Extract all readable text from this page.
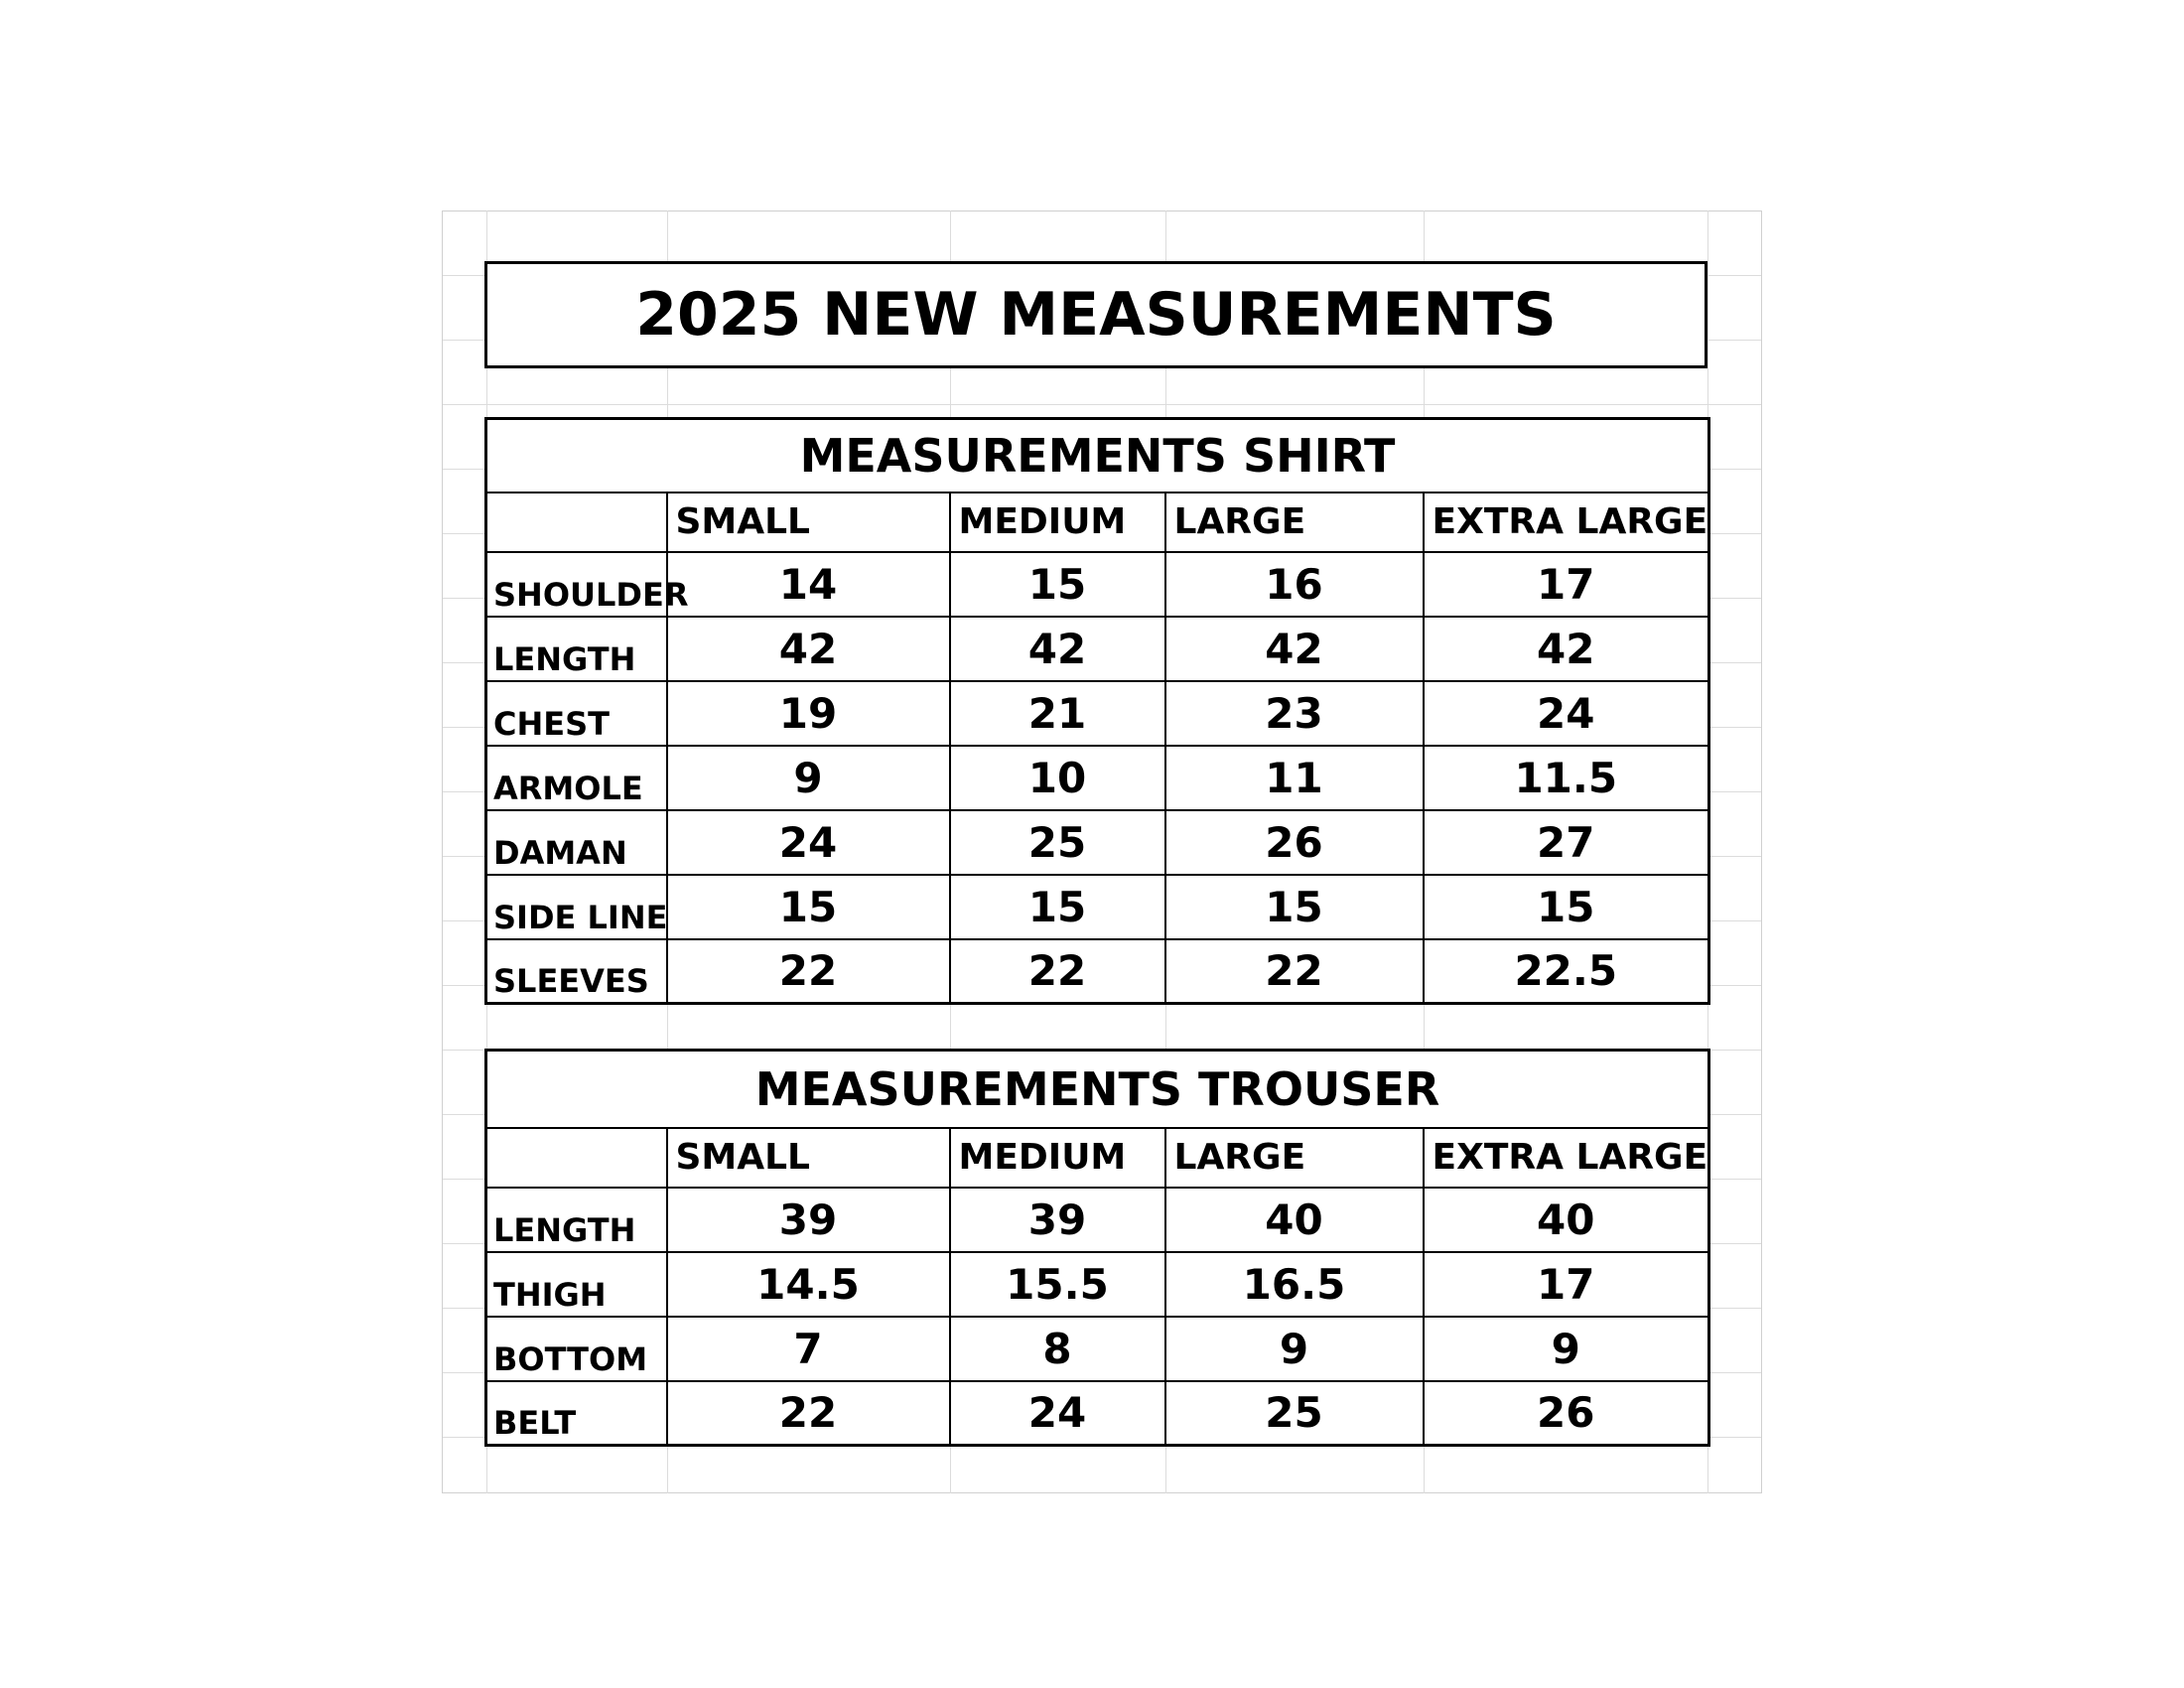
2025 NEW MEASUREMENTS
MEASUREMENTS SHIRT				
	SMALL	MEDIUM	LARGE	EXTRA LARGE
SHOULDER	14	15	16	17
LENGTH	42	42	42	42
CHEST	19	21	23	24
ARMOLE	9	10	11	11.5
DAMAN	24	25	26	27
SIDE LINE	15	15	15	15
SLEEVES	22	22	22	22.5
MEASUREMENTS TROUSER				
	SMALL	MEDIUM	LARGE	EXTRA LARGE
LENGTH	39	39	40	40
THIGH	14.5	15.5	16.5	17
BOTTOM	7	8	9	9
BELT	22	24	25	26
